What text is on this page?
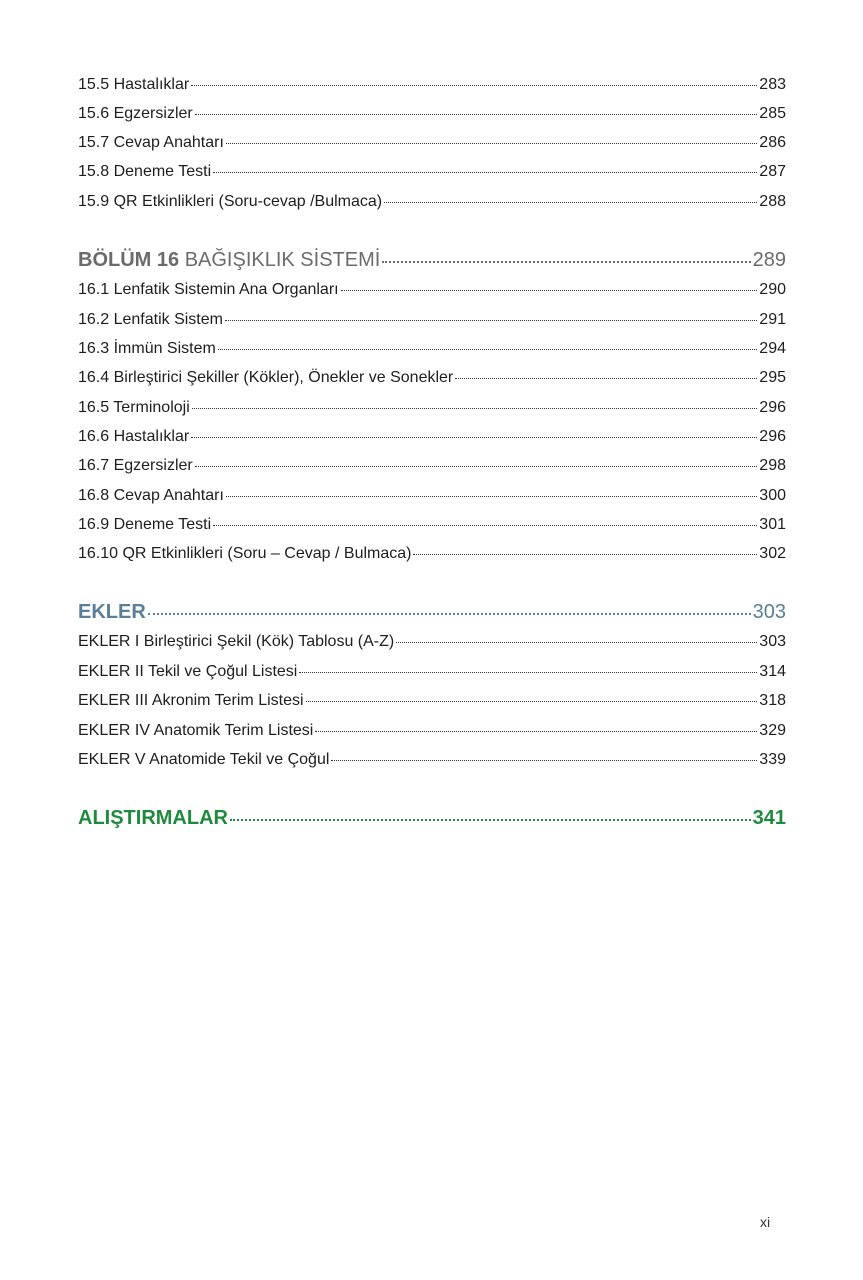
15.5 Hastalıklar	283
15.6 Egzersizler	285
15.7 Cevap Anahtarı	286
15.8 Deneme Testi	287
15.9 QR Etkinlikleri (Soru-cevap /Bulmaca)	288
BÖLÜM 16 BAĞIŞIKLIK SİSTEMİ	289
16.1 Lenfatik Sistemin Ana Organları	290
16.2 Lenfatik Sistem	291
16.3 İmmün Sistem	294
16.4 Birleştirici Şekiller (Kökler), Önekler ve Sonekler	295
16.5 Terminoloji	296
16.6 Hastalıklar	296
16.7 Egzersizler	298
16.8 Cevap Anahtarı	300
16.9 Deneme Testi	301
16.10 QR Etkinlikleri (Soru – Cevap / Bulmaca)	302
EKLER	303
EKLER I Birleştirici Şekil (Kök) Tablosu (A-Z)	303
EKLER II Tekil ve Çoğul Listesi	314
EKLER III Akronim Terim Listesi	318
EKLER IV Anatomik Terim Listesi	329
EKLER V Anatomide Tekil ve Çoğul	339
ALIŞTIRMALAR	341
xi
